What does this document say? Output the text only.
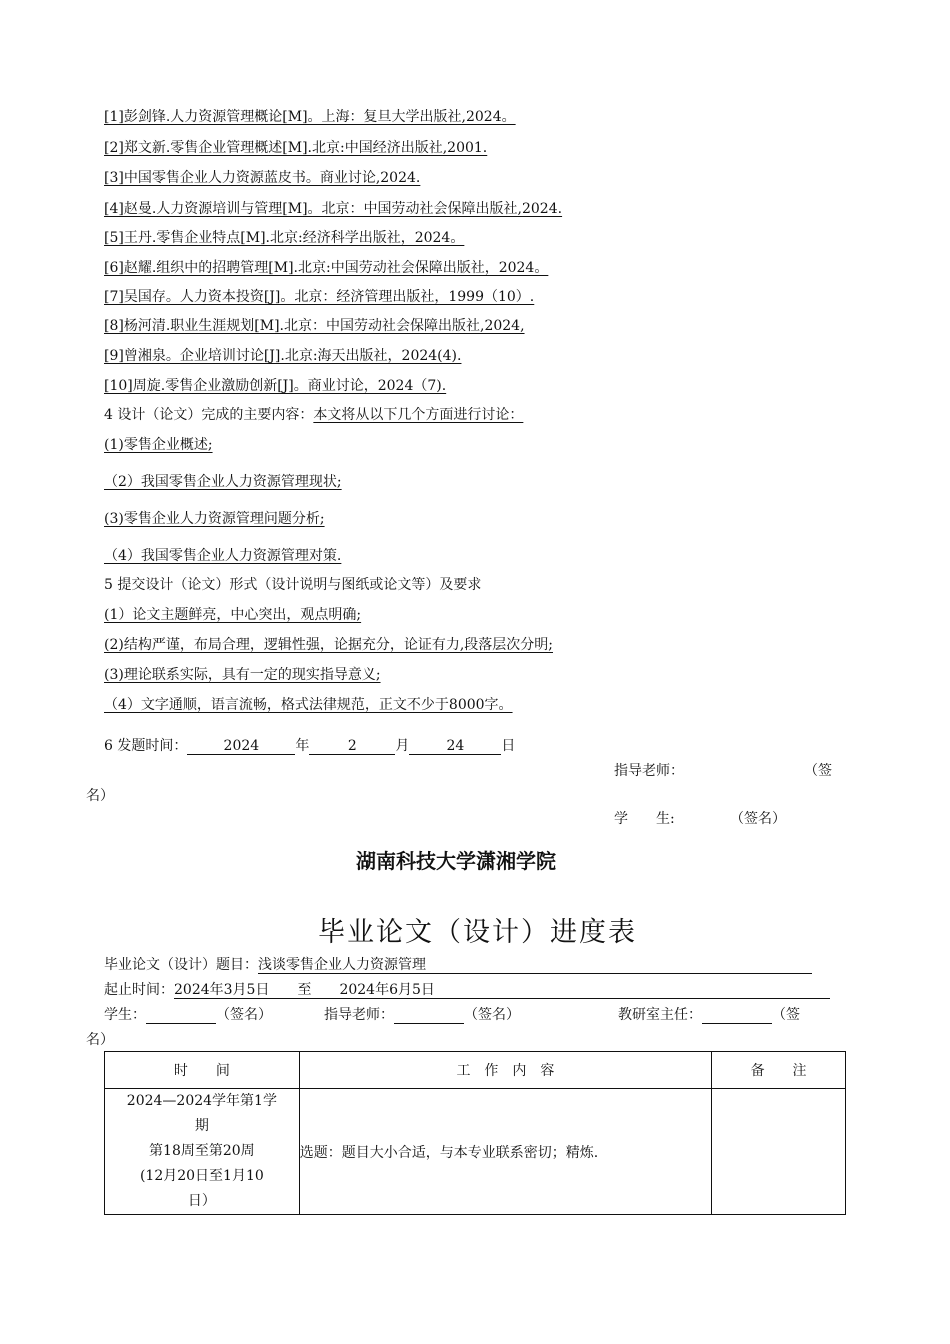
[1]彭剑锋.人力资源管理概论[M]。上海：复旦大学出版社,2024。
[2]郑文新.零售企业管理概述[M].北京:中国经济出版社,2001.
[3]中国零售企业人力资源蓝皮书。商业讨论,2024.
[4]赵曼.人力资源培训与管理[M]。北京：中国劳动社会保障出版社,2024.
[5]王丹.零售企业特点[M].北京:经济科学出版社，2024。
[6]赵耀.组织中的招聘管理[M].北京:中国劳动社会保障出版社，2024。
[7]吴国存。人力资本投资[J]。北京：经济管理出版社，1999（10）.
[8]杨河清.职业生涯规划[M].北京：中国劳动社会保障出版社,2024,
[9]曾湘泉。企业培训讨论[J].北京:海天出版社，2024(4).
[10]周旋.零售企业激励创新[J]。商业讨论，2024（7).
4 设计（论文）完成的主要内容：本文将从以下几个方面进行讨论：
(1)零售企业概述;
（2）我国零售企业人力资源管理现状;
(3)零售企业人力资源管理问题分析;
（4）我国零售企业人力资源管理对策.
5 提交设计（论文）形式（设计说明与图纸或论文等）及要求
(1）论文主题鲜亮，中心突出，观点明确;
(2)结构严谨，布局合理，逻辑性强，论据充分，论证有力,段落层次分明;
(3)理论联系实际，具有一定的现实指导意义;
（4）文字通顺，语言流畅，格式法律规范，正文不少于8000字。
6 发题时间：	2024	年	2	月	24	日
指导老师：	（签
名）
学　　生:	（签名）
湖南科技大学潇湘学院
毕业论文（设计）进度表
毕业论文（设计）题目：浅谈零售企业人力资源管理
起止时间：2024年3月5日　　至　　2024年6月5日
学生：	（签名）	指导老师：	（签名）	教研室主任：	（签
名）
时　　间	工　作　内　容	备　　注

2024—2024学年第1学
期
第18周至第20周
(12月20日至1月10
日）	选题：题目大小合适，与本专业联系密切；精炼.	
